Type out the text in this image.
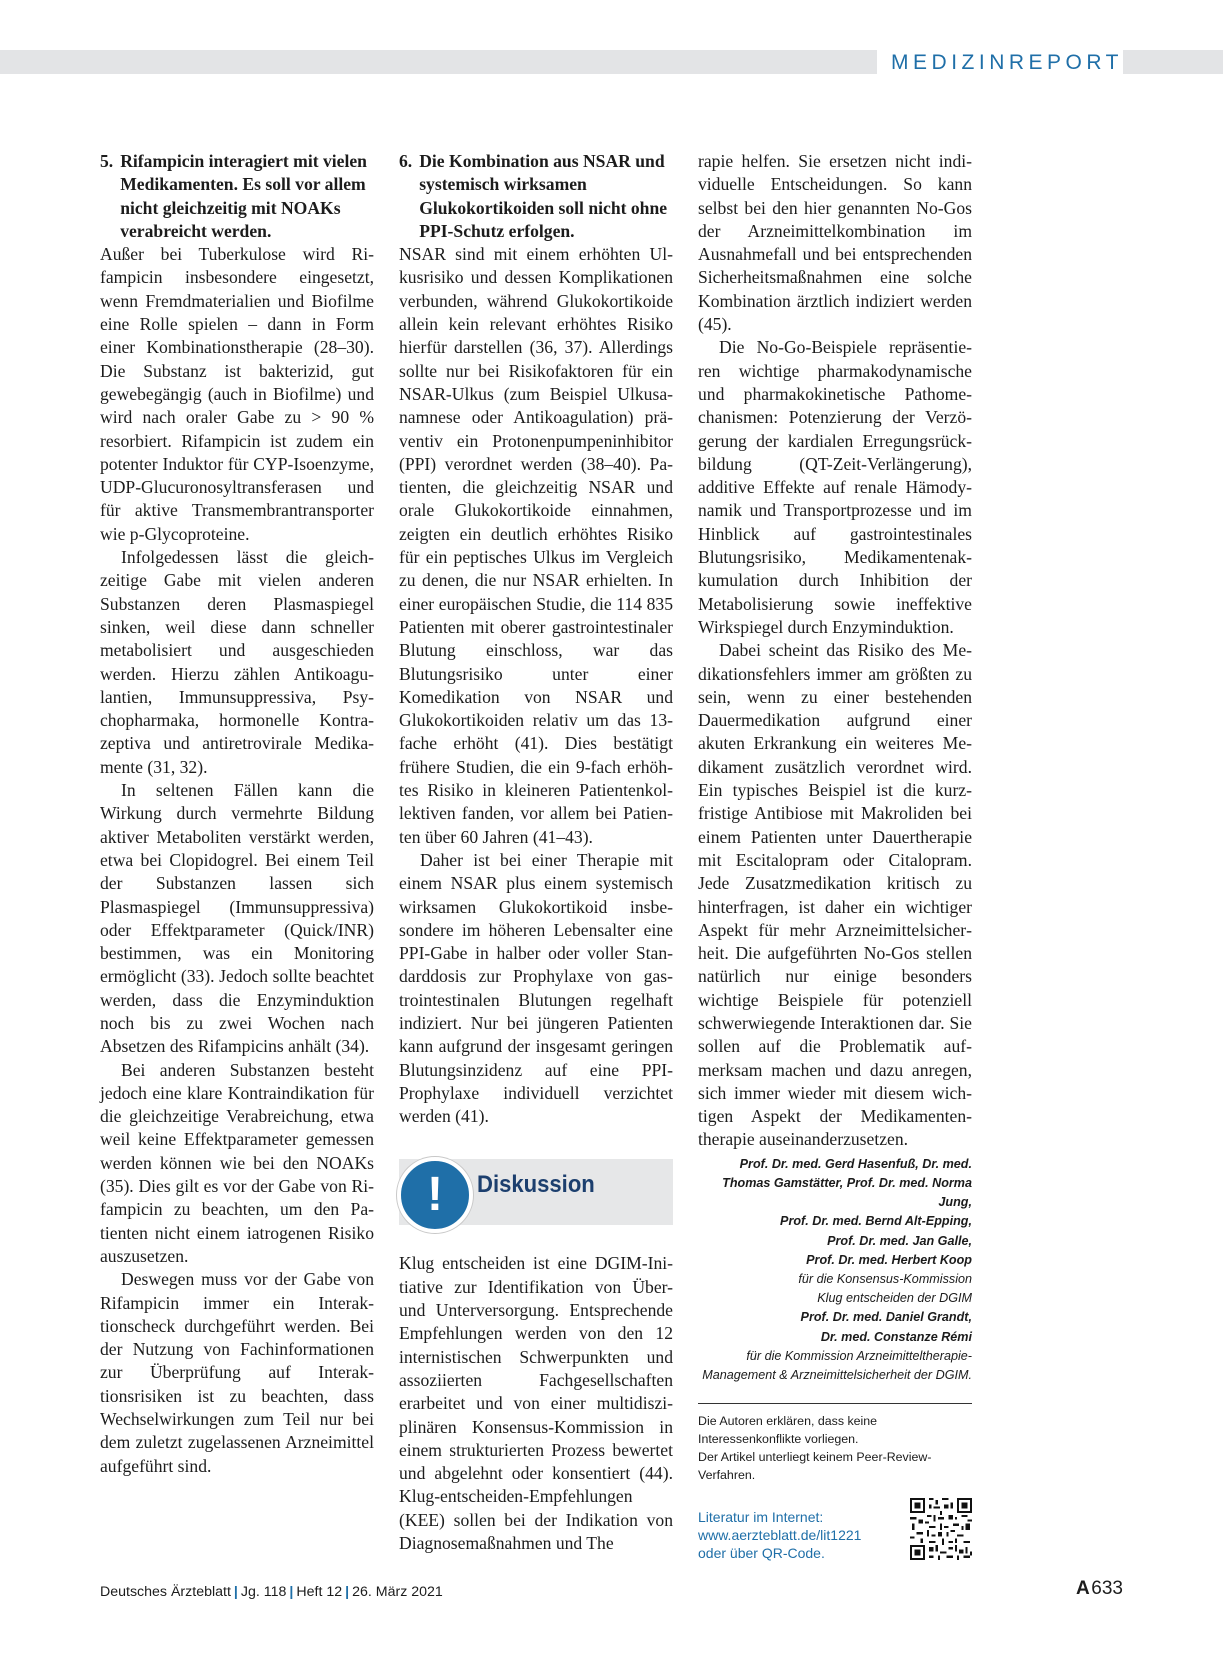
MEDIZINREPORT
5. Rifampicin interagiert mit vielen Medikamenten. Es soll vor allem nicht gleichzeitig mit NOAKs verabreicht werden.

Außer bei Tuberkulose wird Rifampicin insbesondere eingesetzt, wenn Fremdmaterialien und Biofilme eine Rolle spielen – dann in Form einer Kombinationstherapie (28–30). Die Substanz ist bakterizid, gut gewebegängig (auch in Biofilme) und wird nach oraler Gabe zu > 90 % resorbiert. Rifampicin ist zudem ein potenter Induktor für CYP-Isoenzyme, UDP-Glucuronosyltransferasen und für aktive Transmembrantransporter wie p-Glycoproteine.

Infolgedessen lässt die gleichzeitige Gabe mit vielen anderen Substanzen deren Plasmaspiegel sinken, weil diese dann schneller metabolisiert und ausgeschieden werden. Hierzu zählen Antikoagulantien, Immunsuppressiva, Psychopharmaka, hormonelle Kontrazeptiva und antiretrovirale Medikamente (31, 32).

In seltenen Fällen kann die Wirkung durch vermehrte Bildung aktiver Metaboliten verstärkt werden, etwa bei Clopidogrel. Bei einem Teil der Substanzen lassen sich Plasmaspiegel (Immunsuppressiva) oder Effektparameter (Quick/INR) bestimmen, was ein Monitoring ermöglicht (33). Jedoch sollte beachtet werden, dass die Enzyminduktion noch bis zu zwei Wochen nach Absetzen des Rifampicins anhält (34).

Bei anderen Substanzen besteht jedoch eine klare Kontraindikation für die gleichzeitige Verabreichung, etwa weil keine Effektparameter gemessen werden können wie bei den NOAKs (35). Dies gilt es vor der Gabe von Rifampicin zu beachten, um den Patienten nicht einem iatrogenen Risiko auszusetzen.

Deswegen muss vor der Gabe von Rifampicin immer ein Interaktionscheck durchgeführt werden. Bei der Nutzung von Fachinformationen zur Überprüfung auf Interaktionsrisiken ist zu beachten, dass Wechselwirkungen zum Teil nur bei dem zuletzt zugelassenen Arzneimittel aufgeführt sind.

6. Die Kombination aus NSAR und systemisch wirksamen Glukokortikoiden soll nicht ohne PPI-Schutz erfolgen.

NSAR sind mit einem erhöhten Ulkusrisiko und dessen Komplikationen verbunden, während Glukokortikoide allein kein relevant erhöhtes Risiko hierfür darstellen (36, 37). Allerdings sollte nur bei Risikofaktoren für ein NSAR-Ulkus (zum Beispiel Ulkusanamnese oder Antikoagulation) präventiv ein Protonenpumpeninhibitor (PPI) verordnet werden (38–40). Patienten, die gleichzeitig NSAR und orale Glukokortikoide einnahmen, zeigten ein deutlich erhöhtes Risiko für ein peptisches Ulkus im Vergleich zu denen, die nur NSAR erhielten. In einer europäischen Studie, die 114 835 Patienten mit oberer gastrointestinaler Blutung einschloss, war das Blutungsrisiko unter einer Komedikation von NSAR und Glukokortikoiden relativ um das 13-fache erhöht (41). Dies bestätigt frühere Studien, die ein 9-fach erhöhtes Risiko in kleineren Patientenkollektiven fanden, vor allem bei Patienten über 60 Jahren (41–43).

Daher ist bei einer Therapie mit einem NSAR plus einem systemisch wirksamen Glukokortikoid insbesondere im höheren Lebensalter eine PPI-Gabe in halber oder voller Standarddosis zur Prophylaxe von gastrointestinalen Blutungen regelhaft indiziert. Nur bei jüngeren Patienten kann aufgrund der insgesamt geringen Blutungsinzidenz auf eine PPI-Prophylaxe individuell verzichtet werden (41).

!	Diskussion

Klug entscheiden ist eine DGIM-Initiative zur Identifikation von Über- und Unterversorgung. Entsprechende Empfehlungen werden von den 12 internistischen Schwerpunkten und assoziierten Fachgesellschaften erarbeitet und von einer multidisziplinären Konsensus-Kommission in einem strukturierten Prozess bewertet und abgelehnt oder konsentiert (44). Klug-entscheiden-Empfehlungen (KEE) sollen bei der Indikation von Diagnosemaßnahmen und The

rapie helfen. Sie ersetzen nicht individuelle Entscheidungen. So kann selbst bei den hier genannten No-Gos der Arzneimittelkombination im Ausnahmefall und bei entsprechenden Sicherheitsmaßnahmen eine solche Kombination ärztlich indiziert werden (45).

Die No-Go-Beispiele repräsentieren wichtige pharmakodynamische und pharmakokinetische Pathomechanismen: Potenzierung der Verzögerung der kardialen Erregungsrückbildung (QT-Zeit-Verlängerung), additive Effekte auf renale Hämodynamik und Transportprozesse und im Hinblick auf gastrointestinales Blutungsrisiko, Medikamentenakkumulation durch Inhibition der Metabolisierung sowie ineffektive Wirkspiegel durch Enzyminduktion.

Dabei scheint das Risiko des Medikationsfehlers immer am größten zu sein, wenn zu einer bestehenden Dauermedikation aufgrund einer akuten Erkrankung ein weiteres Medikament zusätzlich verordnet wird. Ein typisches Beispiel ist die kurzfristige Antibiose mit Makroliden bei einem Patienten unter Dauertherapie mit Escitalopram oder Citalopram. Jede Zusatzmedikation kritisch zu hinterfragen, ist daher ein wichtiger Aspekt für mehr Arzneimittelsicherheit. Die aufgeführten No-Gos stellen natürlich nur einige besonders wichtige Beispiele für potenziell schwerwiegende Interaktionen dar. Sie sollen auf die Problematik aufmerksam machen und dazu anregen, sich immer wieder mit diesem wichtigen Aspekt der Medikamententherapie auseinanderzusetzen.

Prof. Dr. med. Gerd Hasenfuß, Dr. med.
Thomas Gamstätter, Prof. Dr. med. Norma Jung,
Prof. Dr. med. Bernd Alt-Epping,
Prof. Dr. med. Jan Galle,
Prof. Dr. med. Herbert Koop
für die Konsensus-Kommission
Klug entscheiden der DGIM
Prof. Dr. med. Daniel Grandt,
Dr. med. Constanze Rémi
für die Kommission Arzneimitteltherapie-
Management & Arzneimittelsicherheit der DGIM.

Die Autoren erklären, dass keine Interessenkonflikte vorliegen.

Der Artikel unterliegt keinem Peer-Review-Verfahren.

Literatur im Internet:
www.aerzteblatt.de/lit1221
oder über QR-Code.
Deutsches Ärzteblatt | Jg. 118 | Heft 12 | 26. März 2021	A 633
